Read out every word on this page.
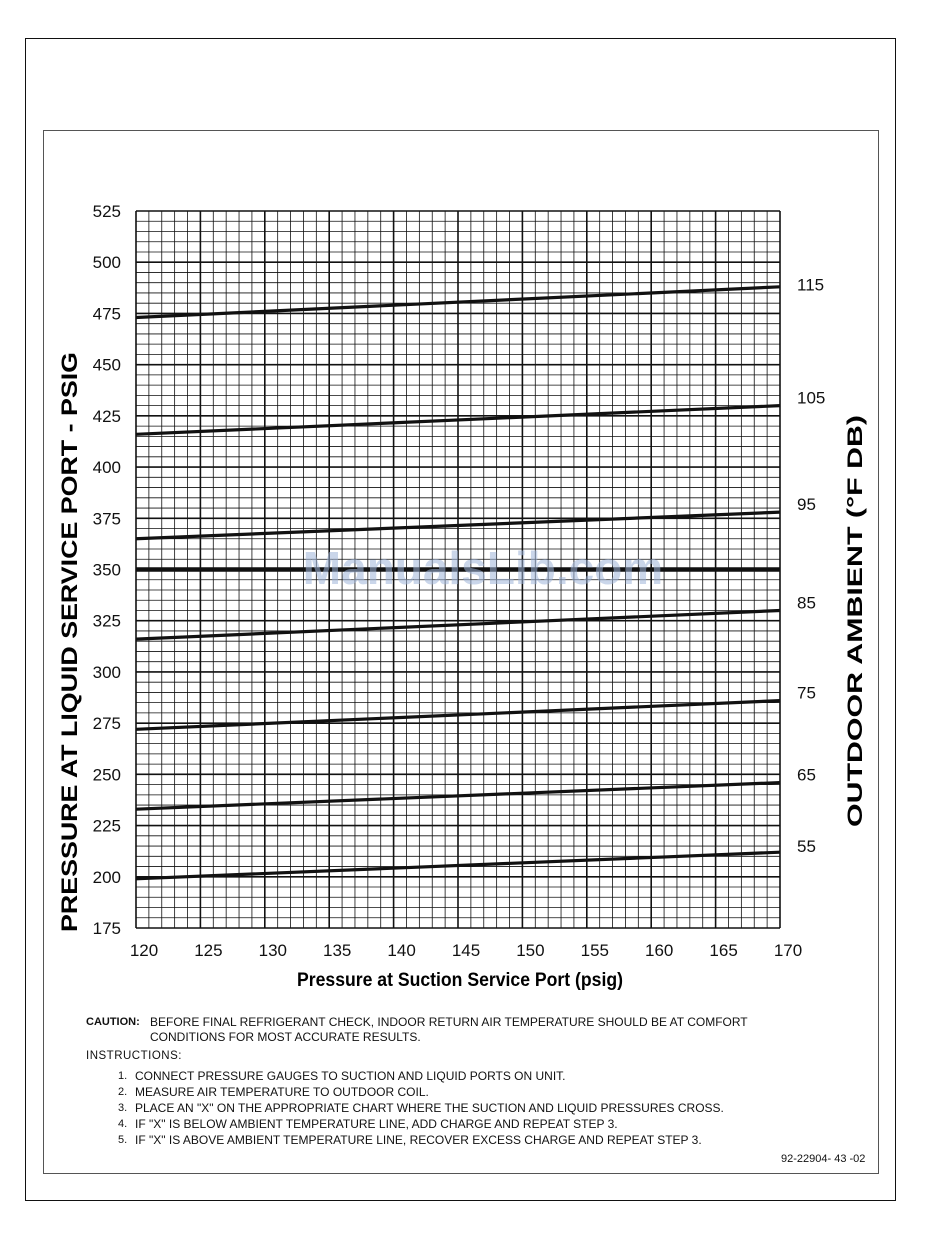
115
105
95
85
75
65
55
120 125 130 135 140 145 150 155 160 165 170
175
200
225
250
275
300
325
350
375
400
425
450
475
500
525
ManualsLib.com
Pressure at Suction Service Port (psig)
PRESSURE AT LIQUID SERVICE PORT - PSIG	OUTDOOR AMBIENT (°F DB)
CAUTION: BEFORE FINAL REFRIGERANT CHECK, INDOOR RETURN AIR TEMPERATURE SHOULD BE AT COMFORT
CONDITIONS FOR MOST ACCURATE RESULTS.
INSTRUCTIONS:
1. CONNECT PRESSURE GAUGES TO SUCTION AND LIQUID PORTS ON UNIT.
2. MEASURE AIR TEMPERATURE TO OUTDOOR COIL.
3. PLACE AN "X" ON THE APPROPRIATE CHART WHERE THE SUCTION AND LIQUID PRESSURES CROSS.
4. IF "X" IS BELOW AMBIENT TEMPERATURE LINE, ADD CHARGE AND REPEAT STEP 3.
5. IF "X" IS ABOVE AMBIENT TEMPERATURE LINE, RECOVER EXCESS CHARGE AND REPEAT STEP 3.
92-22904- 43 -02
